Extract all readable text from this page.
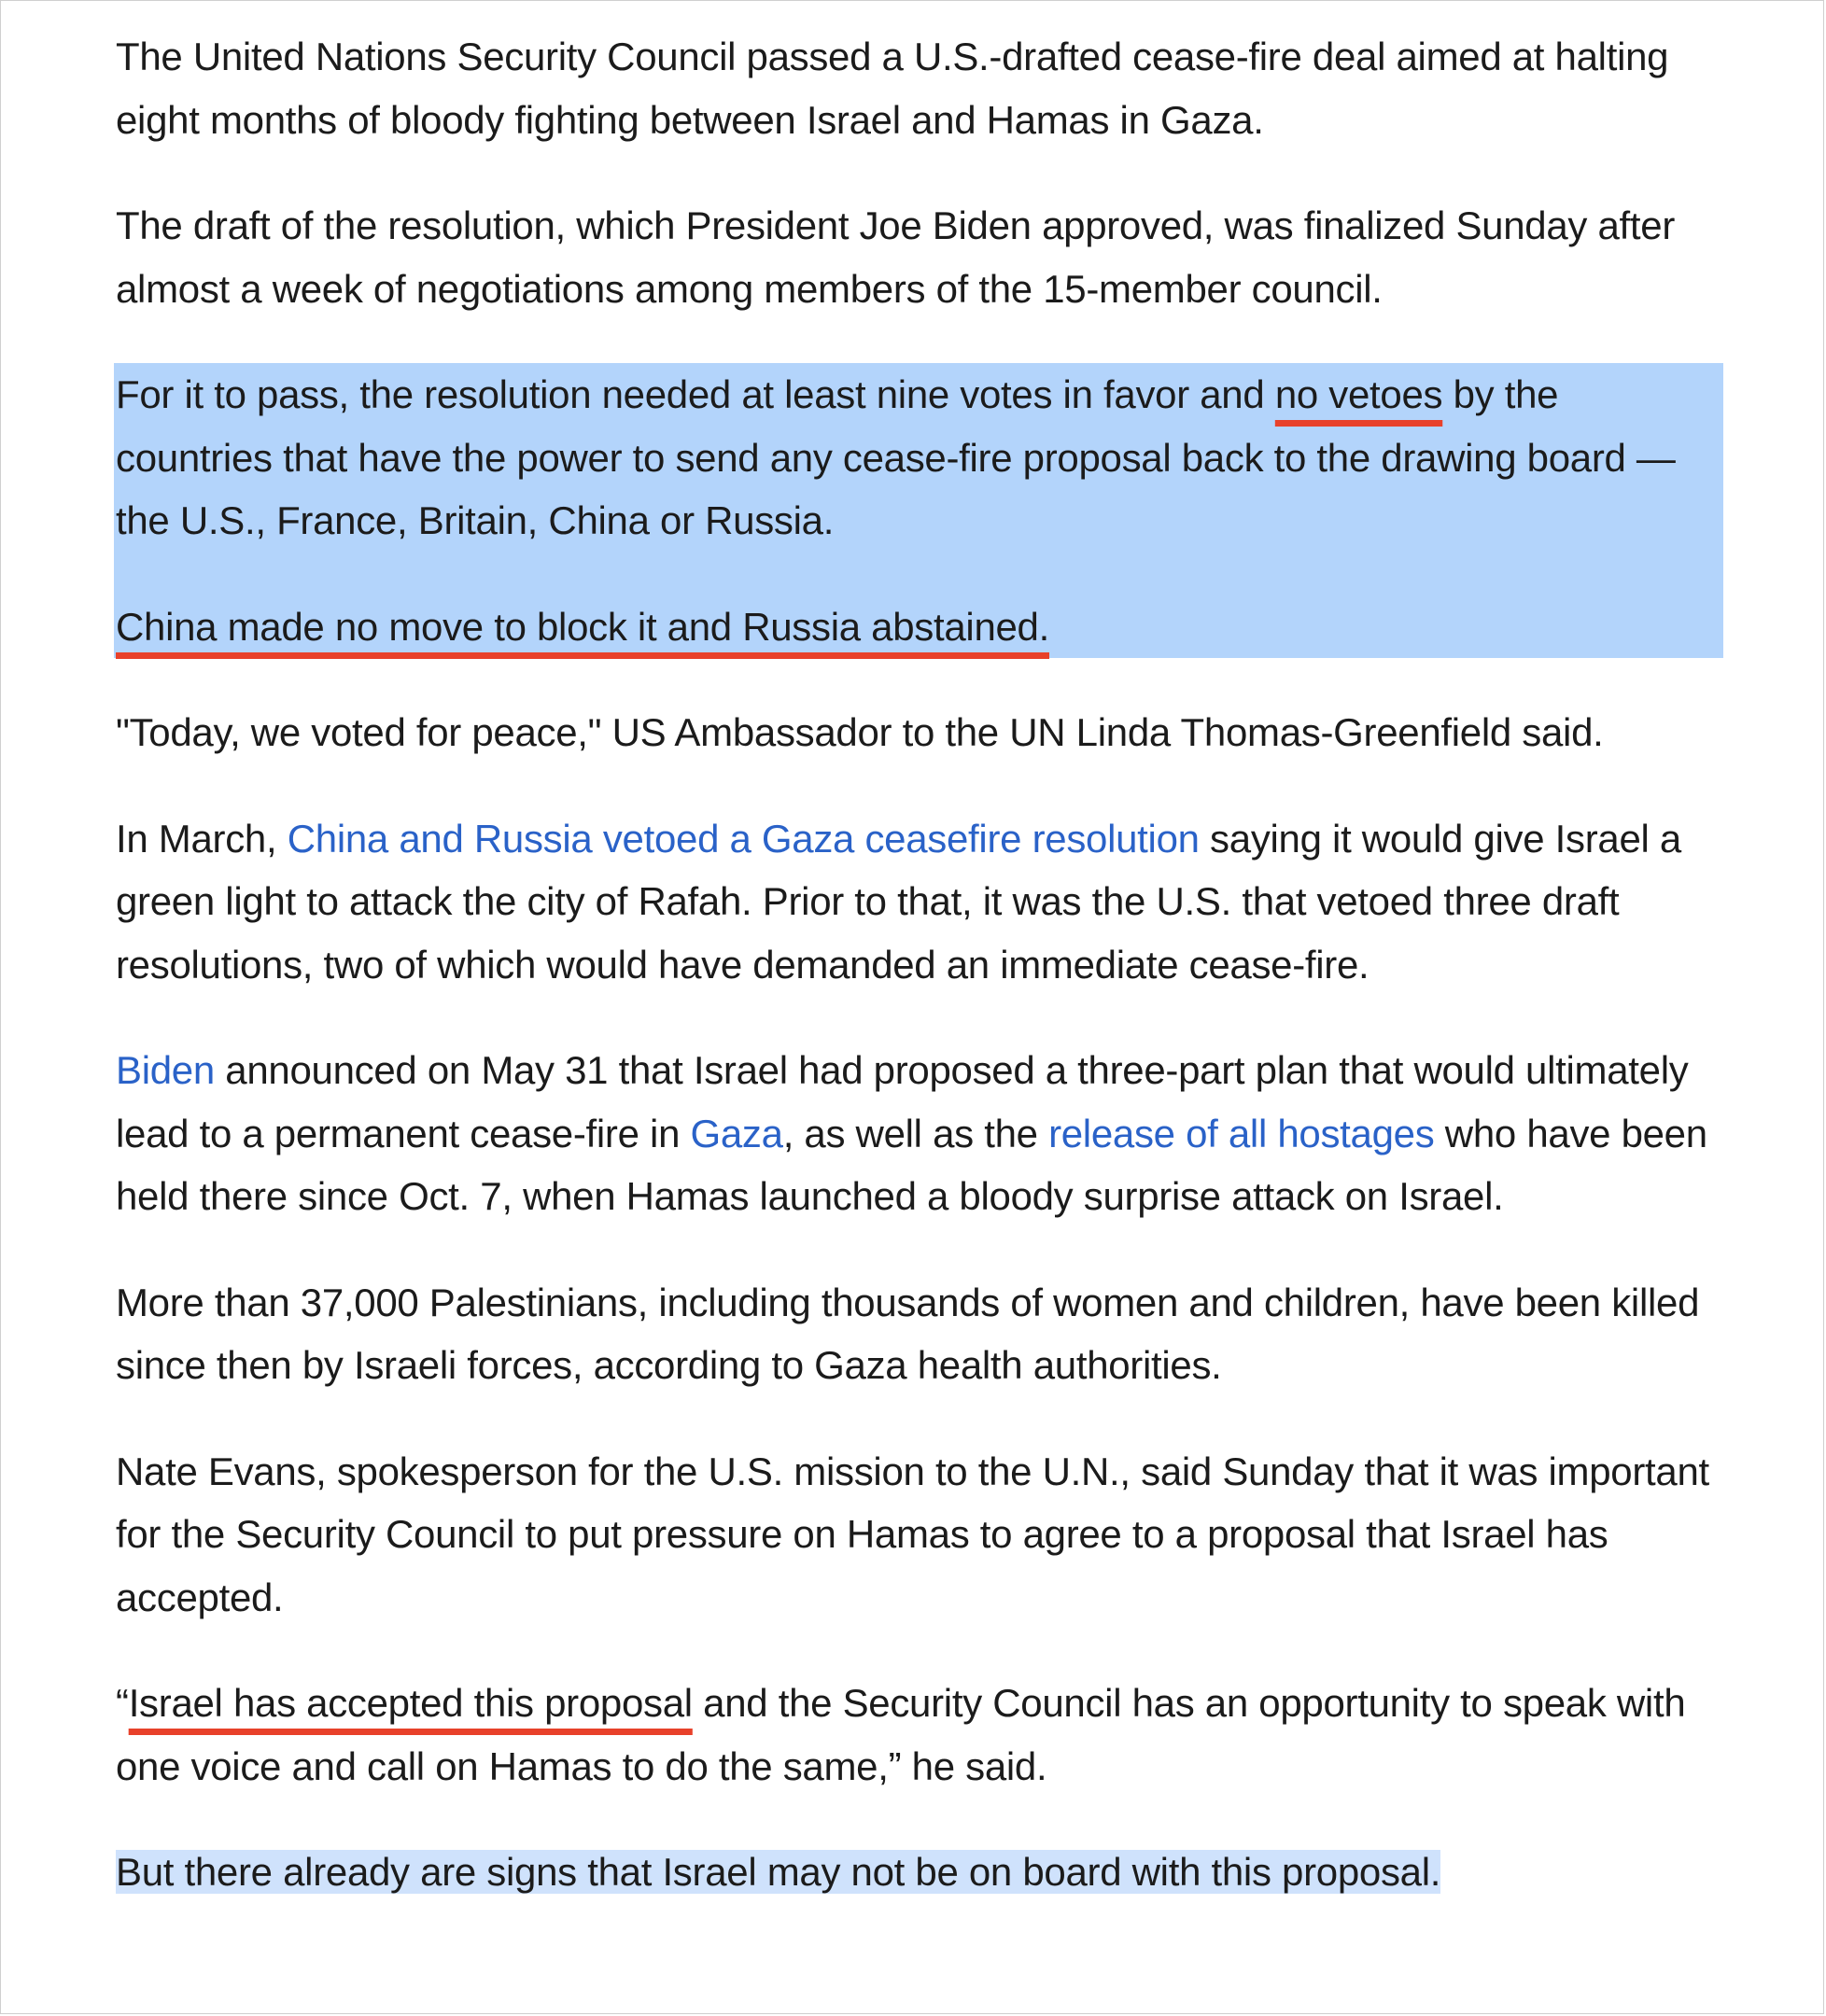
The United Nations Security Council passed a U.S.-drafted cease-fire deal aimed at halting eight months of bloody fighting between Israel and Hamas in Gaza.

The draft of the resolution, which President Joe Biden approved, was finalized Sunday after almost a week of negotiations among members of the 15-member council.

For it to pass, the resolution needed at least nine votes in favor and no vetoes by the countries that have the power to send any cease-fire proposal back to the drawing board — the U.S., France, Britain, China or Russia.

China made no move to block it and Russia abstained.

"Today, we voted for peace," US Ambassador to the UN Linda Thomas-Greenfield said.

In March, China and Russia vetoed a Gaza ceasefire resolution saying it would give Israel a green light to attack the city of Rafah. Prior to that, it was the U.S. that vetoed three draft resolutions, two of which would have demanded an immediate cease-fire.

Biden announced on May 31 that Israel had proposed a three-part plan that would ultimately lead to a permanent cease-fire in Gaza, as well as the release of all hostages who have been held there since Oct. 7, when Hamas launched a bloody surprise attack on Israel.

More than 37,000 Palestinians, including thousands of women and children, have been killed since then by Israeli forces, according to Gaza health authorities.

Nate Evans, spokesperson for the U.S. mission to the U.N., said Sunday that it was important for the Security Council to put pressure on Hamas to agree to a proposal that Israel has accepted.

“Israel has accepted this proposal and the Security Council has an opportunity to speak with one voice and call on Hamas to do the same,” he said.

But there already are signs that Israel may not be on board with this proposal.
